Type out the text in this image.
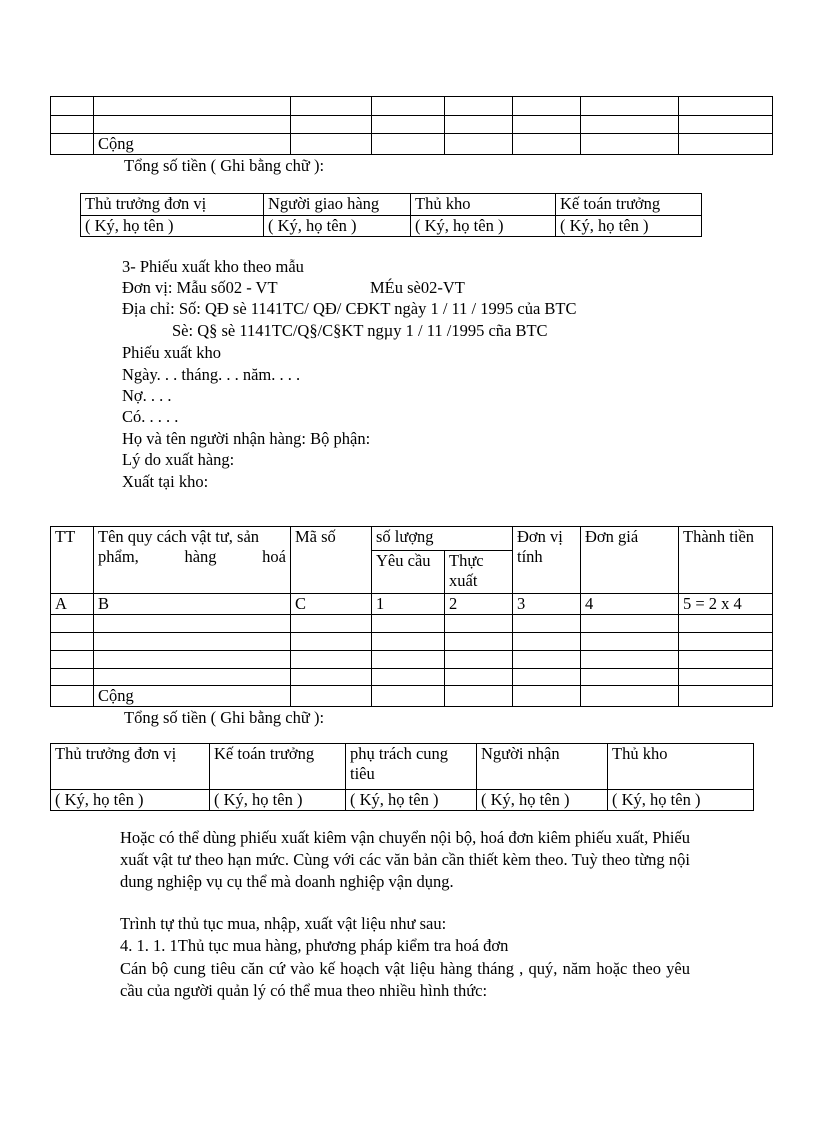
	Cộng						
Tổng số tiền ( Ghi bằng chữ ):
Thủ trưởng đơn vị	Người giao hàng	Thủ kho	Kế toán trưởng
( Ký, họ tên )	( Ký, họ tên )	( Ký, họ tên )	( Ký, họ tên )
3- Phiếu xuất kho theo mẫu
Đơn vị: Mẫu số02 - VT	MÉu sè02-VT
Địa chỉ: Số: QĐ sè 1141TC/ QĐ/ CĐKT ngày 1 / 11 / 1995 của BTC
Sè: Q§ sè 1141TC/Q§/C§KT ngµy 1 / 11 /1995 cña BTC
Phiếu xuất kho
Ngày. . . tháng. . . năm. . . .
Nợ. . . .
Có. . . . .
Họ và tên người nhận hàng: Bộ phận:
Lý do xuất hàng:
Xuất tại kho:
TT	Tên quy cách vật tư, sản phẩm, hàng hoá	Mã số	số lượng		Đơn vị tính	Đơn giá	Thành tiền
			Yêu cầu	Thực xuất			
A	B	C	1	2	3	4	5 = 2 x 4

	Cộng						
Tổng số tiền ( Ghi bằng chữ ):
Thủ trưởng đơn vị	Kế toán trưởng	phụ trách cung tiêu	Người nhận	Thủ kho
( Ký, họ tên )	( Ký, họ tên )	( Ký, họ tên )	( Ký, họ tên )	( Ký, họ tên )
Hoặc có thể dùng phiếu xuất kiêm vận chuyển nội bộ, hoá đơn kiêm phiếu xuất, Phiếu xuất vật tư theo hạn mức. Cùng với các văn bản cần thiết kèm theo. Tuỳ theo từng nội dung nghiệp vụ cụ thể mà doanh nghiệp vận dụng.
Trình tự thủ tục mua, nhập, xuất vật liệu như sau:
4. 1. 1. 1Thủ tục mua hàng, phương pháp kiểm tra hoá đơn
Cán bộ cung tiêu căn cứ vào kế hoạch vật liệu hàng tháng , quý, năm hoặc theo yêu cầu của người quản lý có thể mua theo nhiều hình thức:
